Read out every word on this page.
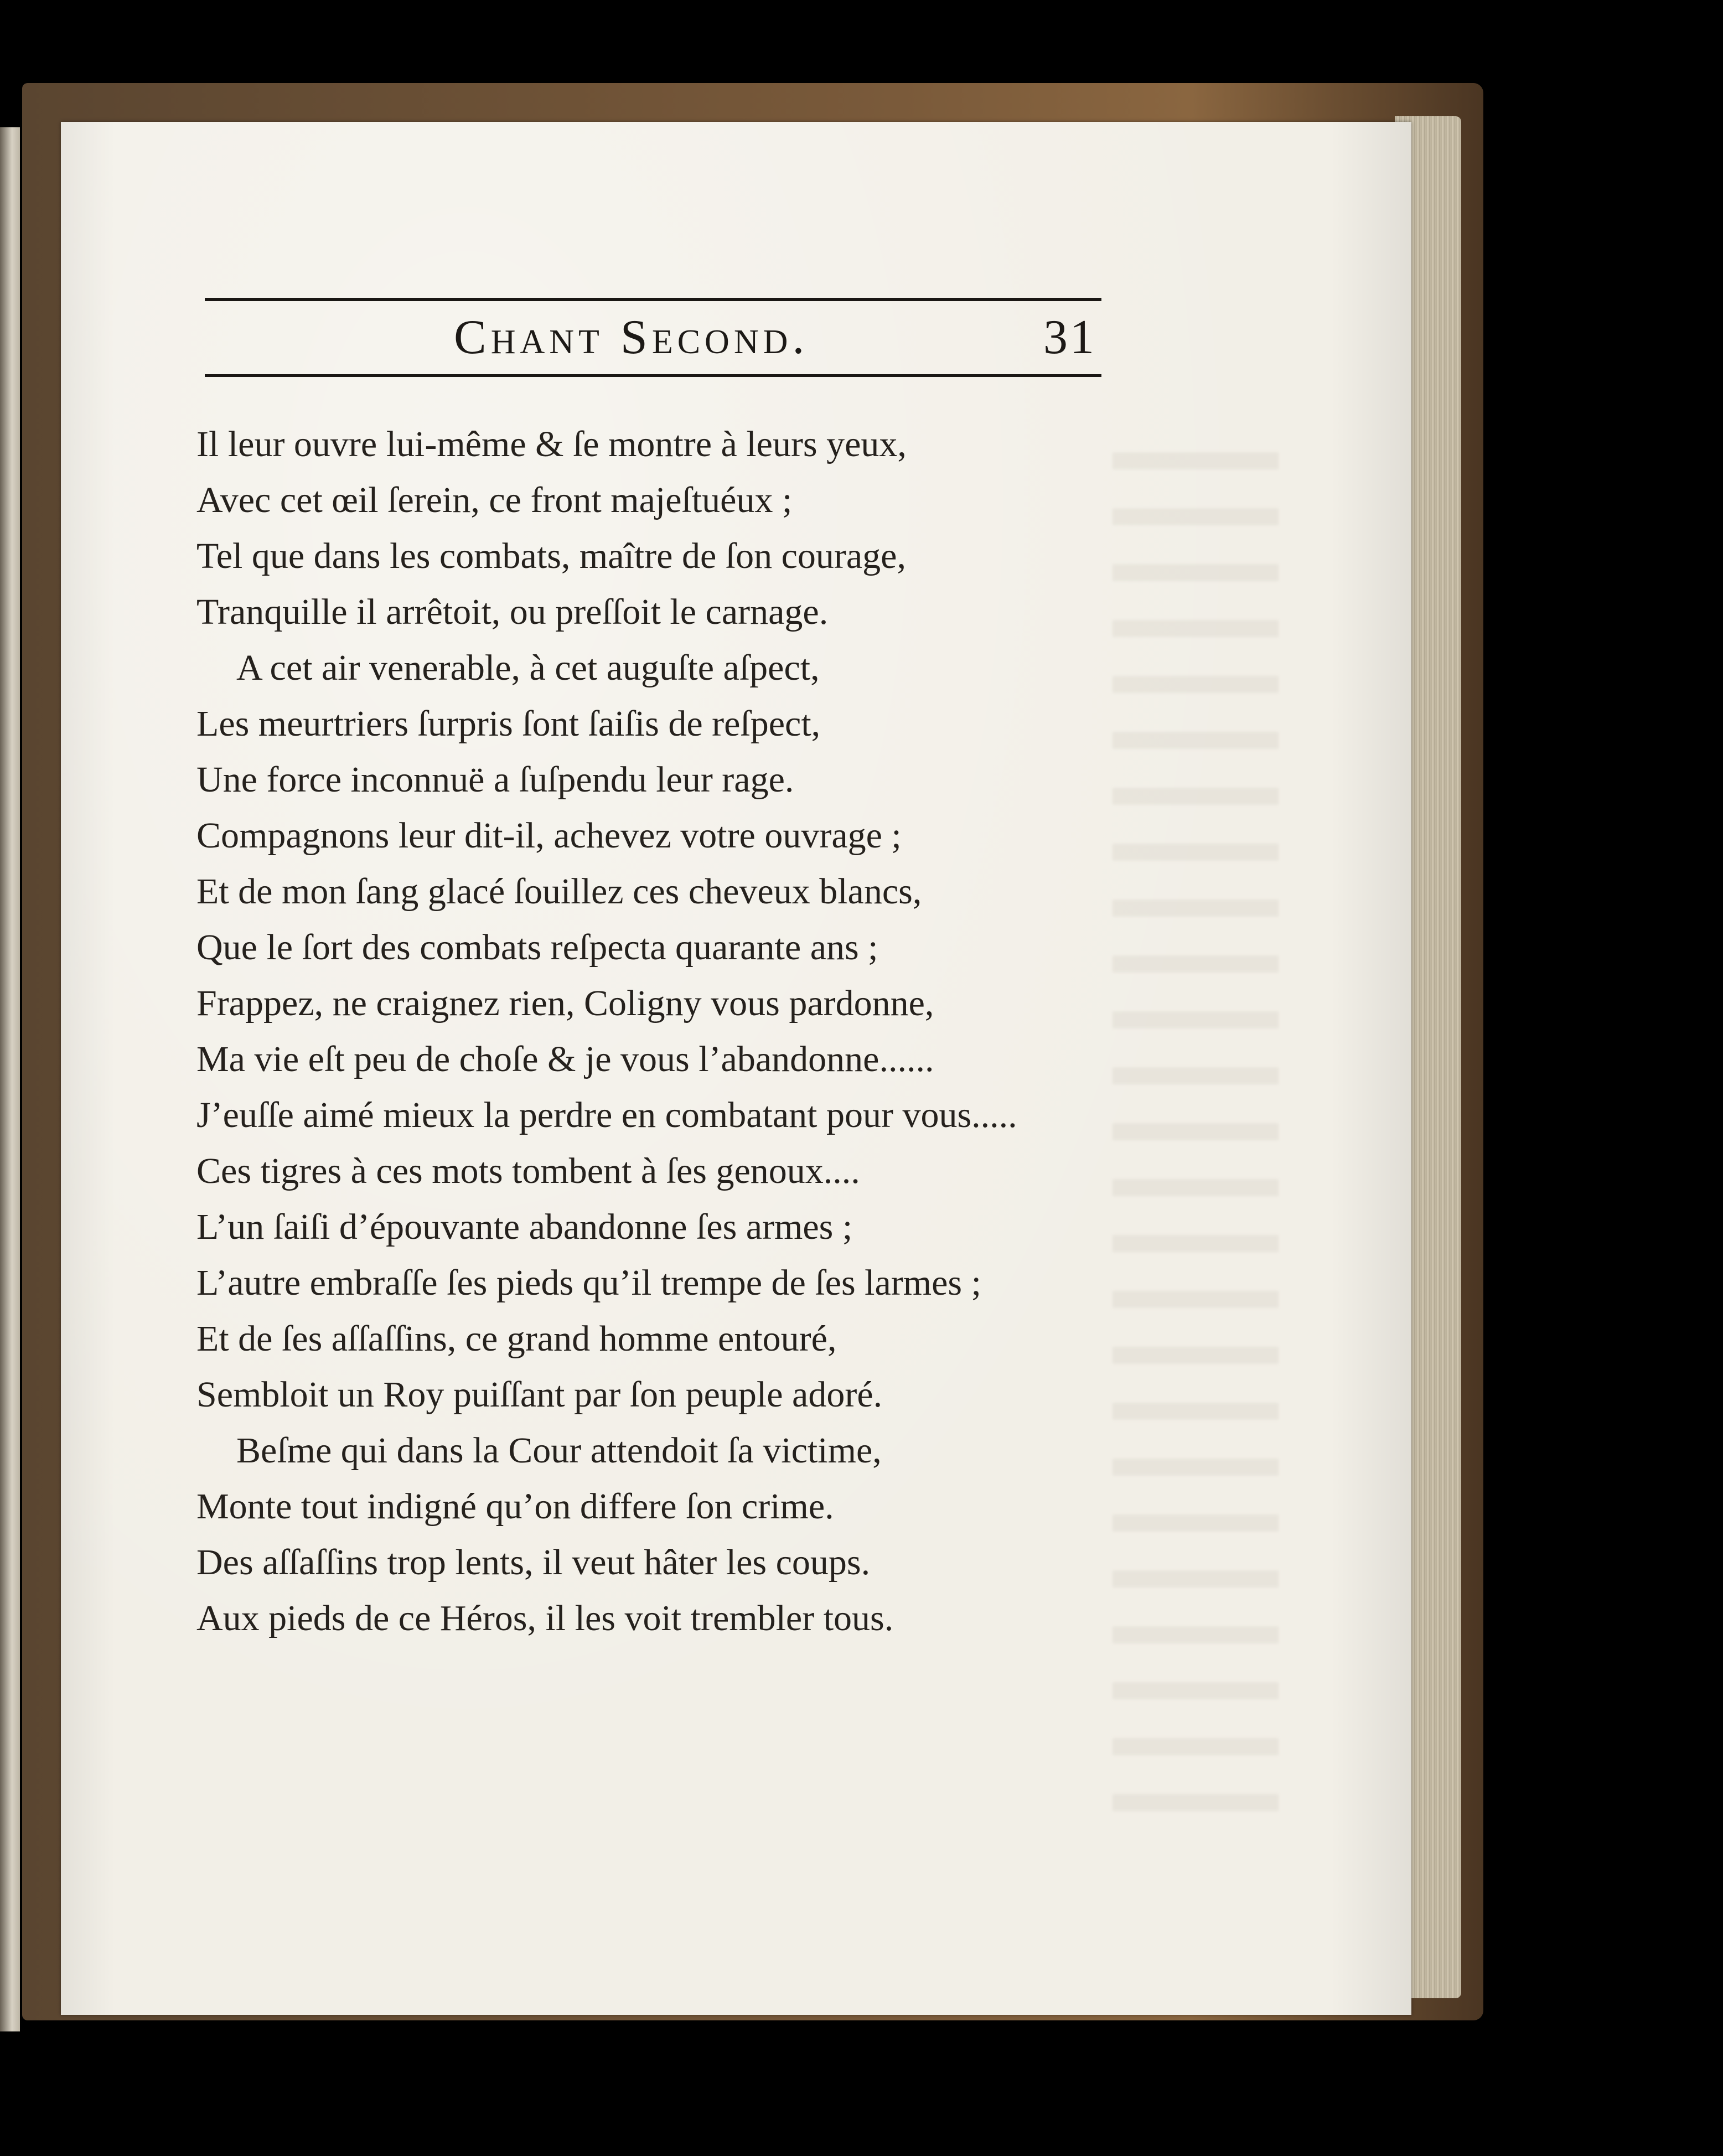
Chant Second.	31
Il leur ouvre lui-même & ſe montre à leurs yeux,
Avec cet œil ſerein, ce front majeſtuéux ;
Tel que dans les combats, maître de ſon courage,
Tranquille il arrêtoit, ou preſſoit le carnage.
A cet air venerable, à cet auguſte aſpect,
Les meurtriers ſurpris ſont ſaiſis de reſpect,
Une force inconnuë a ſuſpendu leur rage.
Compagnons leur dit-il, achevez votre ouvrage ;
Et de mon ſang glacé ſouillez ces cheveux blancs,
Que le ſort des combats reſpecta quarante ans ;
Frappez, ne craignez rien, Coligny vous pardonne,
Ma vie eſt peu de choſe & je vous l’abandonne......
J’euſſe aimé mieux la perdre en combatant pour vous.....
Ces tigres à ces mots tombent à ſes genoux....
L’un ſaiſi d’épouvante abandonne ſes armes ;
L’autre embraſſe ſes pieds qu’il trempe de ſes larmes ;
Et de ſes aſſaſſins, ce grand homme entouré,
Sembloit un Roy puiſſant par ſon peuple adoré.
Beſme qui dans la Cour attendoit ſa victime,
Monte tout indigné qu’on differe ſon crime.
Des aſſaſſins trop lents, il veut hâter les coups.
Aux pieds de ce Héros, il les voit trembler tous.
